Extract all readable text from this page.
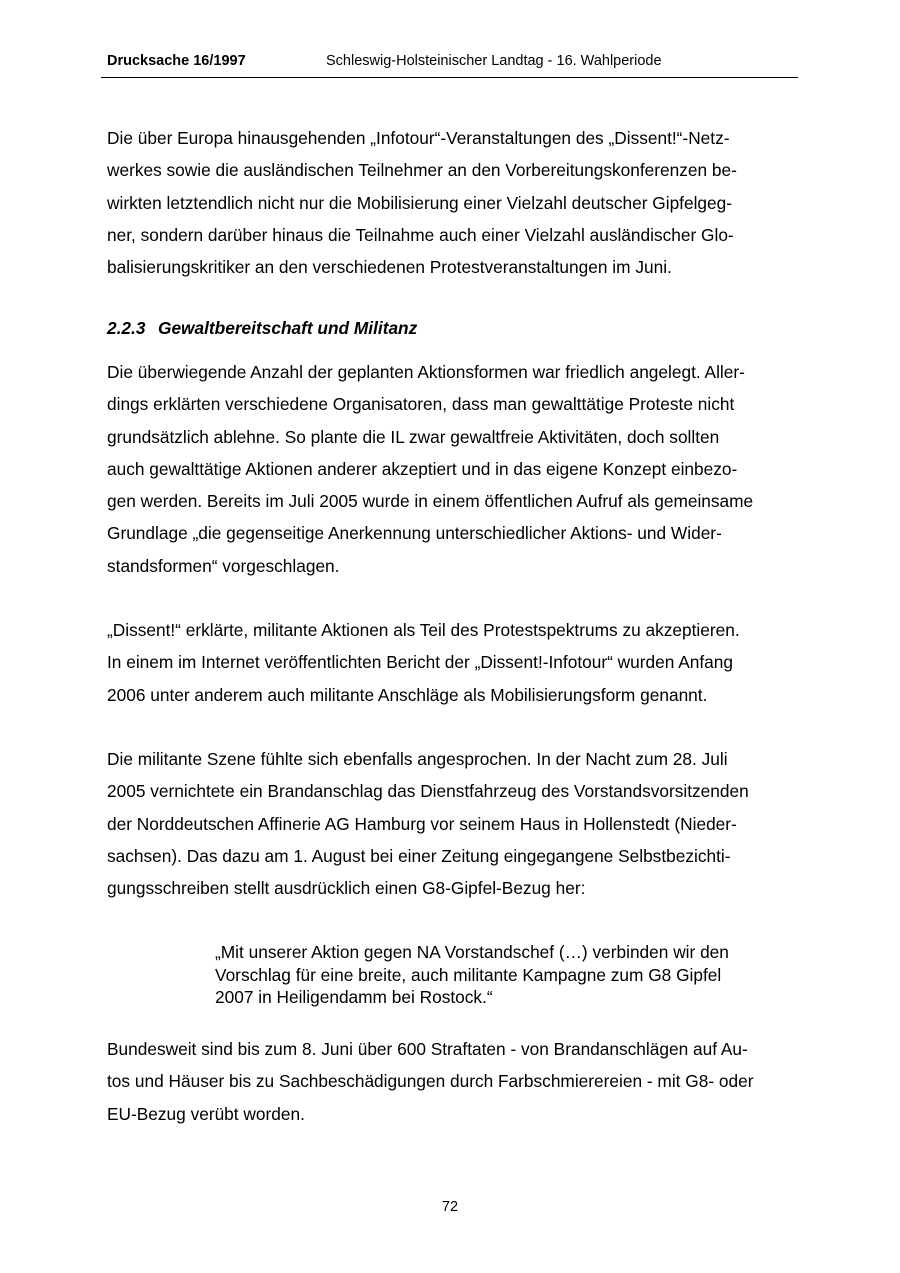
Drucksache 16/1997	Schleswig-Holsteinischer Landtag - 16. Wahlperiode

Die über Europa hinausgehenden „Infotour“-Veranstaltungen des „Dissent!“-Netz-
werkes sowie die ausländischen Teilnehmer an den Vorbereitungskonferenzen be-
wirkten letztendlich nicht nur die Mobilisierung einer Vielzahl deutscher Gipfelgeg-
ner, sondern darüber hinaus die Teilnahme auch einer Vielzahl ausländischer Glo-
balisierungskritiker an den verschiedenen Protestveranstaltungen im Juni.

2.2.3 Gewaltbereitschaft und Militanz

Die überwiegende Anzahl der geplanten Aktionsformen war friedlich angelegt. Aller-
dings erklärten verschiedene Organisatoren, dass man gewalttätige Proteste nicht
grundsätzlich ablehne. So plante die IL zwar gewaltfreie Aktivitäten, doch sollten
auch gewalttätige Aktionen anderer akzeptiert und in das eigene Konzept einbezo-
gen werden. Bereits im Juli 2005 wurde in einem öffentlichen Aufruf als gemeinsame
Grundlage „die gegenseitige Anerkennung unterschiedlicher Aktions- und Wider-
standsformen“ vorgeschlagen.

„Dissent!“ erklärte, militante Aktionen als Teil des Protestspektrums zu akzeptieren.
In einem im Internet veröffentlichten Bericht der „Dissent!-Infotour“ wurden Anfang
2006 unter anderem auch militante Anschläge als Mobilisierungsform genannt.

Die militante Szene fühlte sich ebenfalls angesprochen. In der Nacht zum 28. Juli
2005 vernichtete ein Brandanschlag das Dienstfahrzeug des Vorstandsvorsitzenden
der Norddeutschen Affinerie AG Hamburg vor seinem Haus in Hollenstedt (Nieder-
sachsen). Das dazu am 1. August bei einer Zeitung eingegangene Selbstbezichti-
gungsschreiben stellt ausdrücklich einen G8-Gipfel-Bezug her:

„Mit unserer Aktion gegen NA Vorstandschef (…) verbinden wir den
Vorschlag für eine breite, auch militante Kampagne zum G8 Gipfel
2007 in Heiligendamm bei Rostock.“

Bundesweit sind bis zum 8. Juni über 600 Straftaten - von Brandanschlägen auf Au-
tos und Häuser bis zu Sachbeschädigungen durch Farbschmierereien - mit G8- oder
EU-Bezug verübt worden.

72
